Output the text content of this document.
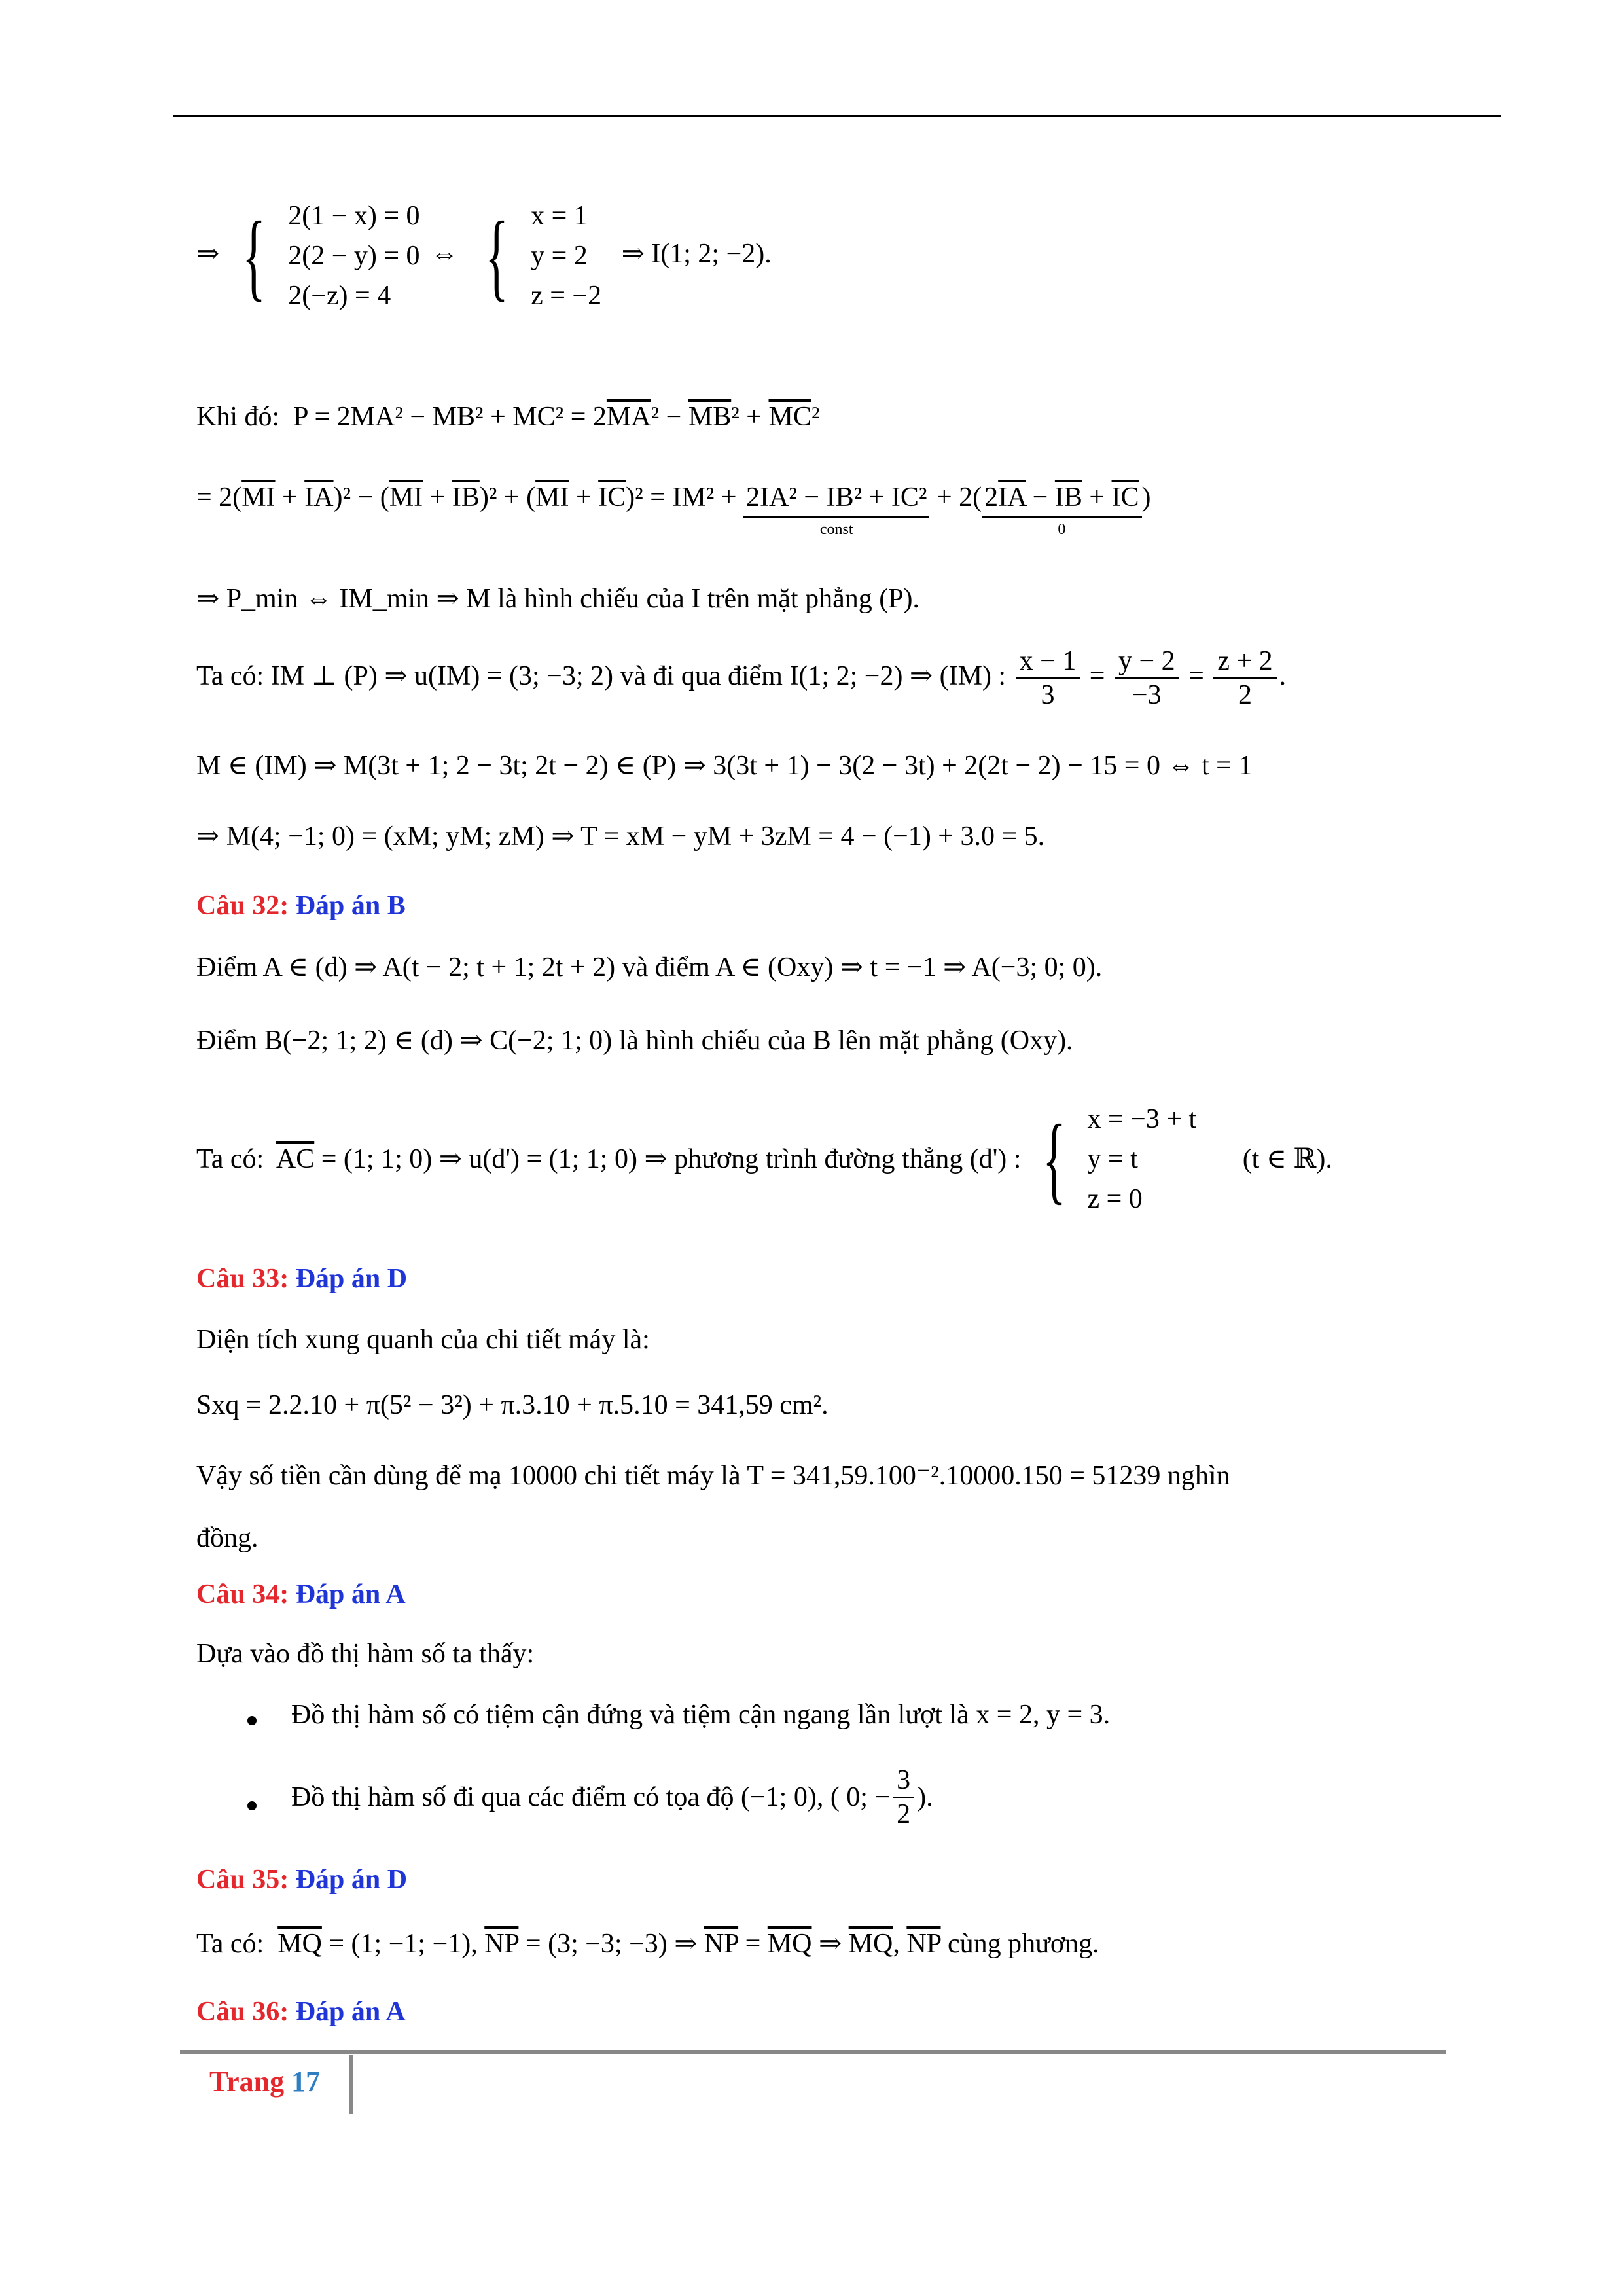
⇒ { 2(1 − x) = 0
2(2 − y) = 0
2(−z) = 4
⇔ { x = 1
y = 2
z = −2
⇒ I(1; 2; −2).
Khi đó: $P = 2MA^2 - MB^2 + MC^2 = 2\overline{MA}^2 - \overline{MB}^2 + \overline{MC}^2$
= $2(\overline{MI} + \overline{IA})^2 - (\overline{MI} + \overline{IB})^2 + (\overline{MI} + \overline{IC})^2 = IM^2 + 2IA^2 - IB^2 + IC^2$
const
+ 2( $2\overline{IA} - \overline{IB} + \overline{IC}$
0
)
⇒ P_min ⇔ IM_min ⇒ M là hình chiếu của I trên mặt phẳng (P).
Ta có: IM ⊥ (P) ⇒ u(IM) = (3; −3; 2) và đi qua điểm I(1; 2; −2) ⇒ (IM) : $\frac{x - 1}{3} = \frac{y - 2}{-3} = \frac{z + 2}{2}$ .
M ∈ (IM) ⇒ M(3t + 1; 2 − 3t; 2t − 2) ∈ (P) ⇒ 3(3t + 1) − 3(2 − 3t) + 2(2t − 2) − 15 = 0 ⇔ t = 1
⇒ M(4; −1; 0) = (xM; yM; zM) ⇒ T = xM − yM + 3zM = 4 − (−1) + 3.0 = 5.
Câu 32: Đáp án B
Điểm A ∈ (d) ⇒ A(t − 2; t + 1; 2t + 2) và điểm A ∈ (Oxy) ⇒ t = −1 ⇒ A(−3; 0; 0).
Điểm B(−2; 1; 2) ∈ (d) ⇒ C(−2; 1; 0) là hình chiếu của B lên mặt phẳng (Oxy).
Ta có: $\overline{AC} = (1$; 1; 0) ⇒ u(d') = (1; 1; 0) ⇒ phương trình đường thẳng (d') : { x = −3 + t
y = t
z = 0
(t ∈ ℝ).
Câu 33: Đáp án D
Diện tích xung quanh của chi tiết máy là:
Sxq = 2.2.10 + π(5² − 3²) + π.3.10 + π.5.10 = 341,59 cm².
Vậy số tiền cần dùng để mạ 10000 chi tiết máy là T = 341,59.100⁻².10000.150 = 51239 nghìn
đồng.
Câu 34: Đáp án A
Dựa vào đồ thị hàm số ta thấy:
Đồ thị hàm số có tiệm cận đứng và tiệm cận ngang lần lượt là x = 2, y = 3.
Đồ thị hàm số đi qua các điểm có tọa độ (−1; 0), ( 0; − $\frac{3}{2}$ ).
Câu 35: Đáp án D
Ta có: $\overline{MQ} = (1$; −1; −1), $\overline{NP} = (3$; −3; −3) ⇒ $\overline{NP} = \overline{MQ}$ ⇒ $\overline{MQ}$, $\overline{NP}$ cùng phương.
Câu 36: Đáp án A
Trang 17
